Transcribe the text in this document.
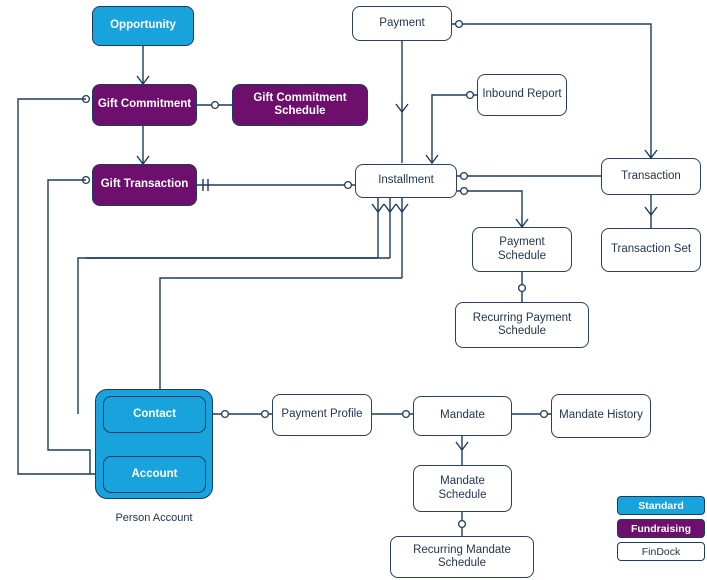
Opportunity
Gift Commitment
Gift Commitment Schedule
Gift Transaction
Payment
Inbound Report
Installment	Transaction
Transaction Set
Payment Schedule
Recurring Payment Schedule
Contact
Account
Person Account
Payment Profile	Mandate	Mandate History
Mandate Schedule
Recurring Mandate Schedule
Standard
Fundraising
FinDock
